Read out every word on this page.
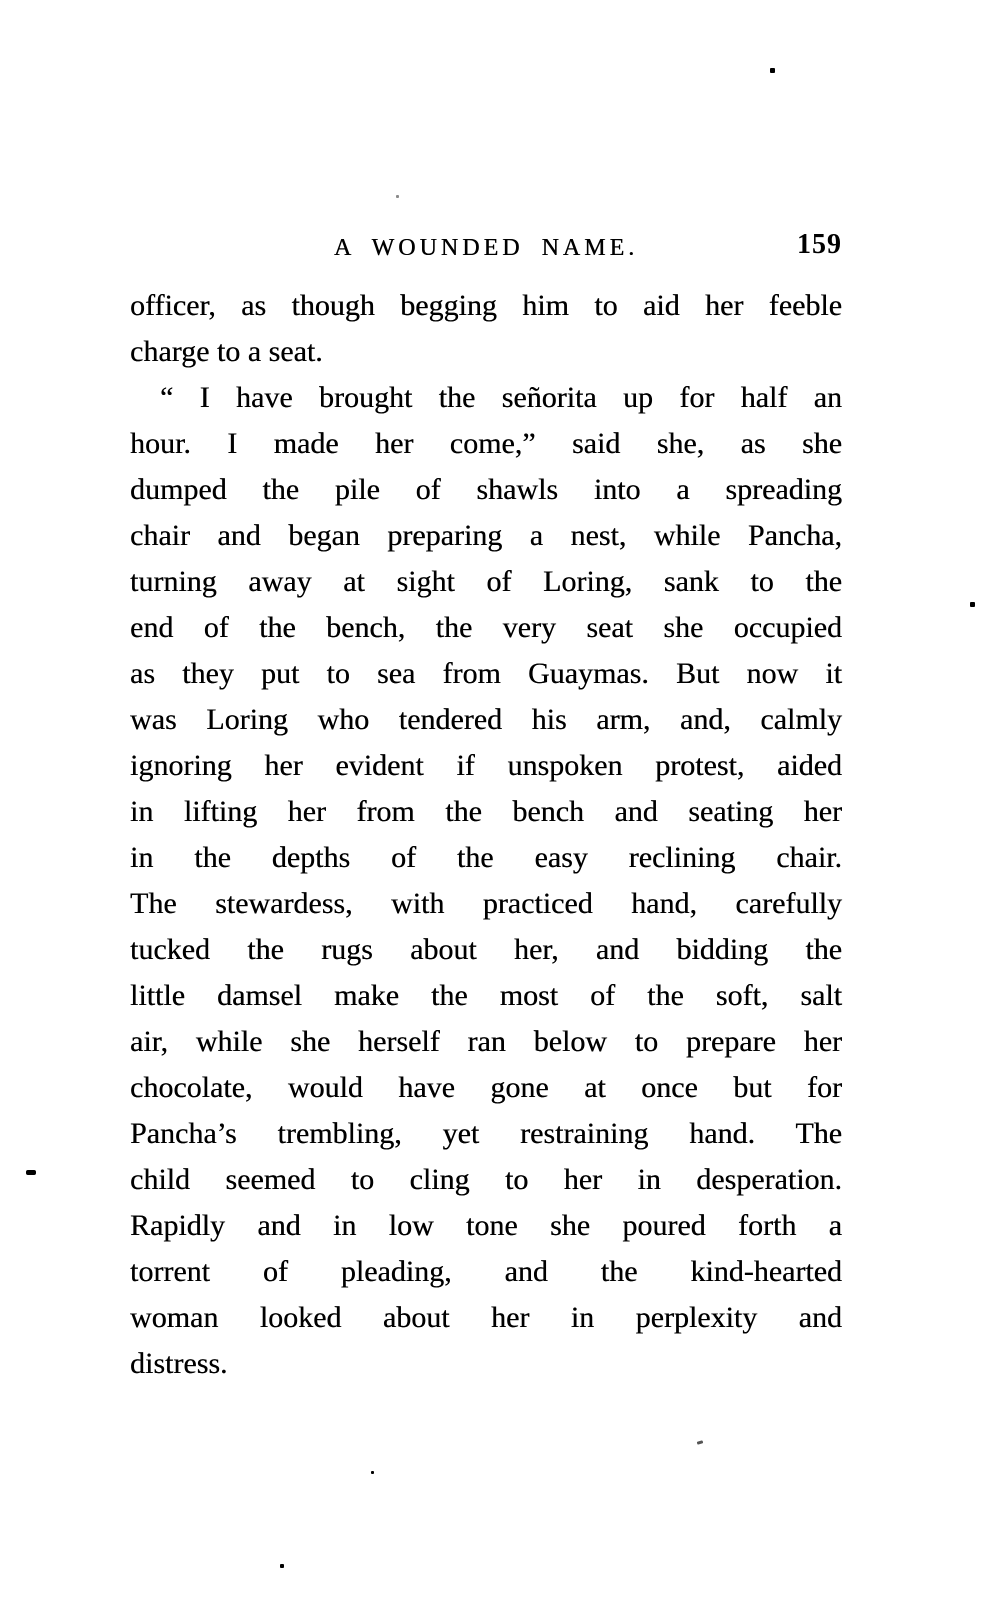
A WOUNDED NAME.	159
officer, as though begging him to aid her feeble
charge to a seat.
“ I have brought the señorita up for half an
hour. I made her come,” said she, as she
dumped the pile of shawls into a spreading
chair and began preparing a nest, while Pancha,
turning away at sight of Loring, sank to the
end of the bench, the very seat she occupied
as they put to sea from Guaymas. But now it
was Loring who tendered his arm, and, calmly
ignoring her evident if unspoken protest, aided
in lifting her from the bench and seating her
in the depths of the easy reclining chair.
The stewardess, with practiced hand, carefully
tucked the rugs about her, and bidding the
little damsel make the most of the soft, salt
air, while she herself ran below to prepare her
chocolate, would have gone at once but for
Pancha’s trembling, yet restraining hand. The
child seemed to cling to her in desperation.
Rapidly and in low tone she poured forth a
torrent of pleading, and the kind-hearted
woman looked about her in perplexity and
distress.
